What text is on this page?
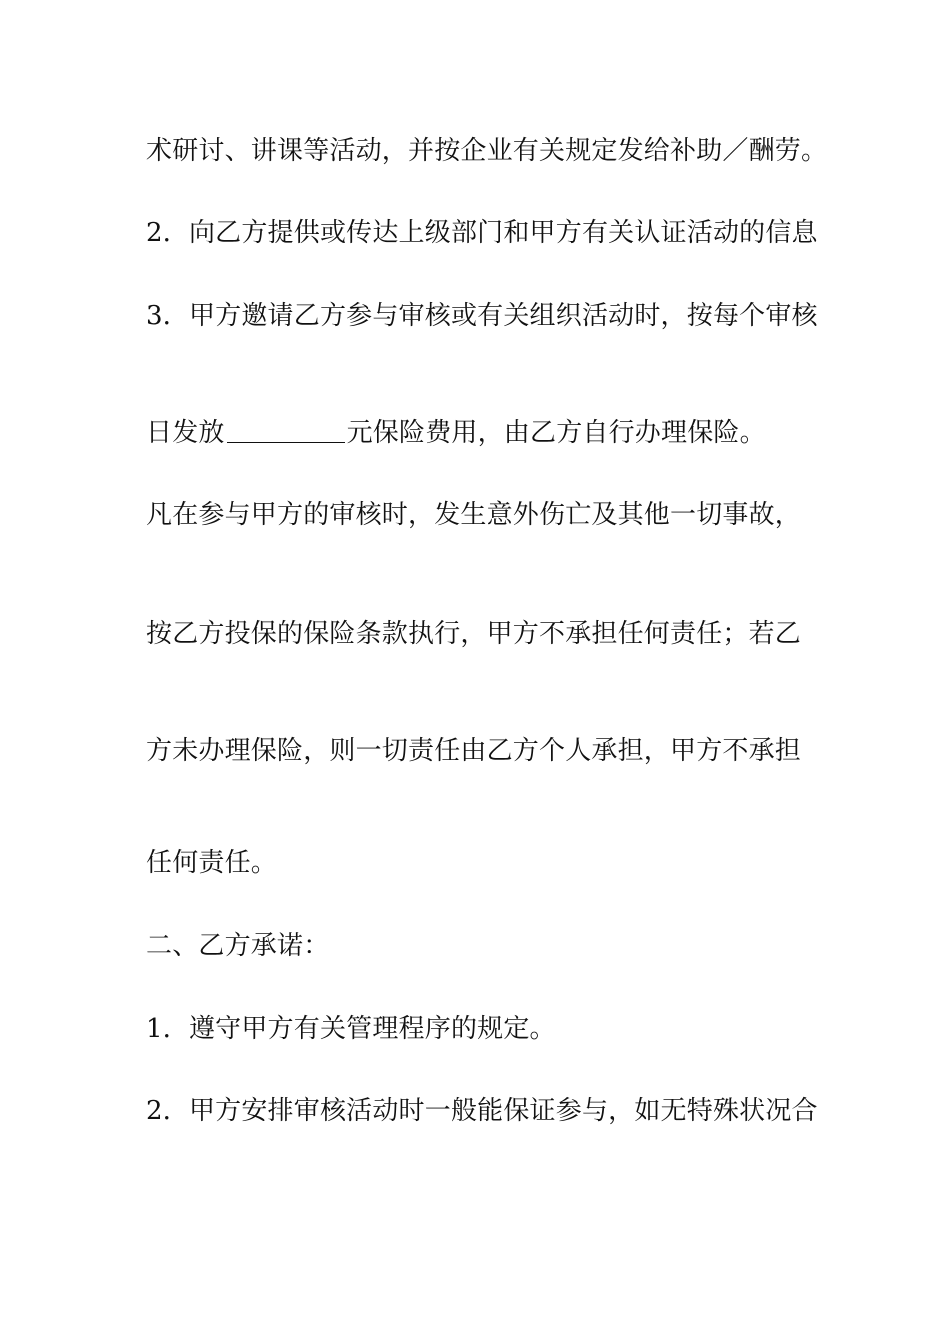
术研讨、讲课等活动，并按企业有关规定发给补助／酬劳。
2．向乙方提供或传达上级部门和甲方有关认证活动的信息
3．甲方邀请乙方参与审核或有关组织活动时，按每个审核
日发放	元保险费用，由乙方自行办理保险。
凡在参与甲方的审核时，发生意外伤亡及其他一切事故，
按乙方投保的保险条款执行，甲方不承担任何责任；若乙
方未办理保险，则一切责任由乙方个人承担，甲方不承担
任何责任。
二、乙方承诺：
1．遵守甲方有关管理程序的规定。
2．甲方安排审核活动时一般能保证参与，如无特殊状况合
